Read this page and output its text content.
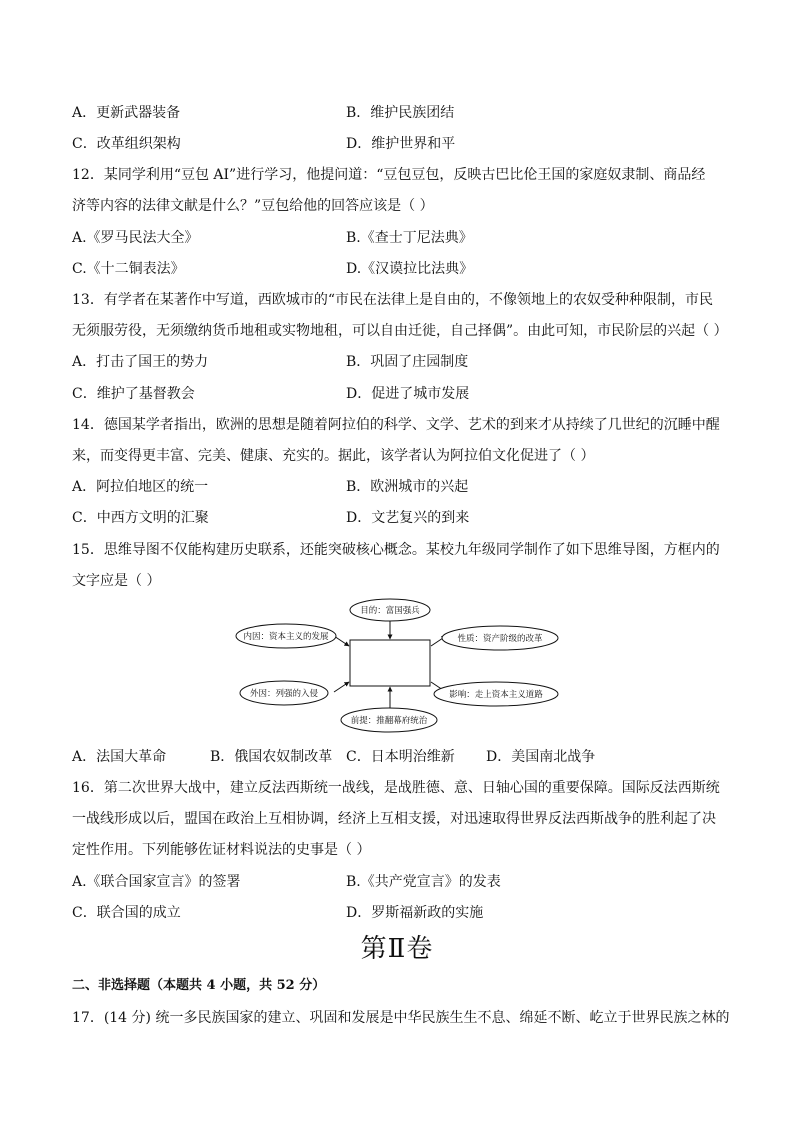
A．更新武器装备	B．维护民族团结
C．改革组织架构	D．维护世界和平
12．某同学利用“豆包 AI”进行学习，他提问道：“豆包豆包，反映古巴比伦王国的家庭奴隶制、商品经
济等内容的法律文献是什么？”豆包给他的回答应该是（ ）
A.《罗马民法大全》	B.《查士丁尼法典》
C.《十二铜表法》	D.《汉谟拉比法典》
13．有学者在某著作中写道，西欧城市的“市民在法律上是自由的，不像领地上的农奴受种种限制，市民
无须服劳役，无须缴纳货币地租或实物地租，可以自由迁徙，自己择偶”。由此可知，市民阶层的兴起（ ）
A．打击了国王的势力	B．巩固了庄园制度
C．维护了基督教会	D．促进了城市发展
14．德国某学者指出，欧洲的思想是随着阿拉伯的科学、文学、艺术的到来才从持续了几世纪的沉睡中醒
来，而变得更丰富、完美、健康、充实的。据此，该学者认为阿拉伯文化促进了（ ）
A．阿拉伯地区的统一	B．欧洲城市的兴起
C．中西方文明的汇聚	D．文艺复兴的到来
15．思维导图不仅能构建历史联系，还能突破核心概念。某校九年级同学制作了如下思维导图，方框内的
文字应是（ ）
目的：富国强兵
内因：资本主义的发展	性质：资产阶级的改革
外因：列强的入侵	影响：走上资本主义道路
前提：推翻幕府统治
A．法国大革命	B．俄国农奴制改革 C．日本明治维新 D．美国南北战争
16．第二次世界大战中，建立反法西斯统一战线，是战胜德、意、日轴心国的重要保障。国际反法西斯统
一战线形成以后，盟国在政治上互相协调，经济上互相支援，对迅速取得世界反法西斯战争的胜利起了决
定性作用。下列能够佐证材料说法的史事是（ ）
A.《联合国家宣言》的签署	B.《共产党宣言》的发表
C．联合国的成立	D．罗斯福新政的实施
第Ⅱ卷
二、非选择题（本题共 4 小题，共 52 分）
17．(14 分) 统一多民族国家的建立、巩固和发展是中华民族生生不息、绵延不断、屹立于世界民族之林的
